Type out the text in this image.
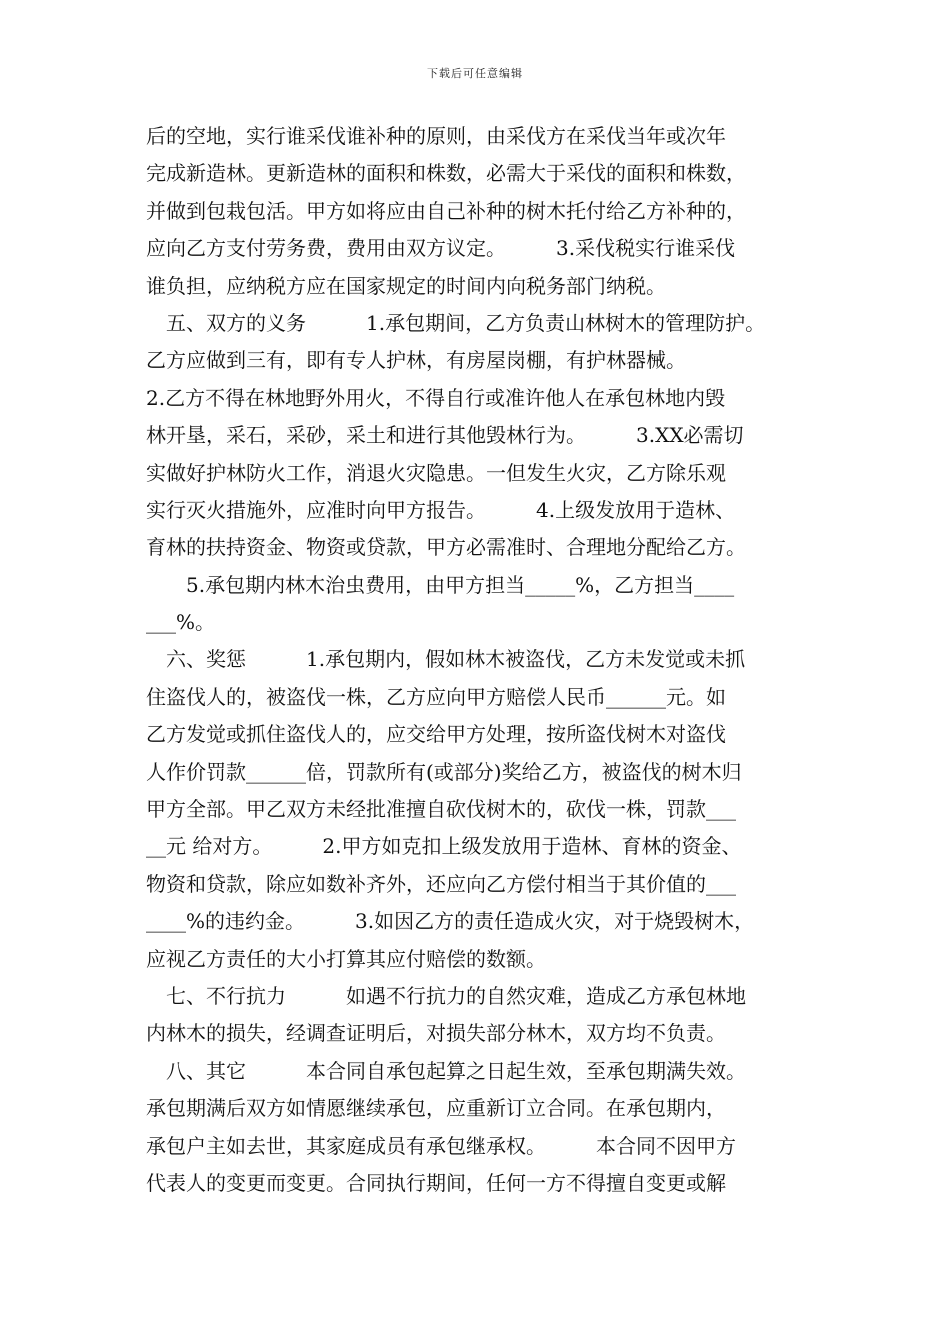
下载后可任意编辑
后的空地，实行谁采伐谁补种的原则，由采伐方在采伐当年或次年
完成新造林。更新造林的面积和株数，必需大于采伐的面积和株数，
并做到包栽包活。甲方如将应由自己补种的树木托付给乙方补种的，
应向乙方支付劳务费，费用由双方议定。　　　3.采伐税实行谁采伐
谁负担，应纳税方应在国家规定的时间内向税务部门纳税。
　五、双方的义务　　　1.承包期间，乙方负责山林树木的管理防护。
乙方应做到三有，即有专人护林，有房屋岗棚，有护林器械。
2.乙方不得在林地野外用火，不得自行或准许他人在承包林地内毁
林开垦，采石，采砂，采土和进行其他毁林行为。　　　3.XX必需切
实做好护林防火工作，消退火灾隐患。一但发生火灾，乙方除乐观
实行灭火措施外，应准时向甲方报告。　　　4.上级发放用于造林、
育林的扶持资金、物资或贷款，甲方必需准时、合理地分配给乙方。
　　5.承包期内林木治虫费用，由甲方担当_____%，乙方担当____
___%。
　六、奖惩　　　1.承包期内，假如林木被盗伐，乙方未发觉或未抓
住盗伐人的，被盗伐一株，乙方应向甲方赔偿人民币______元。如
乙方发觉或抓住盗伐人的，应交给甲方处理，按所盗伐树木对盗伐
人作价罚款______倍，罚款所有(或部分)奖给乙方，被盗伐的树木归
甲方全部。甲乙双方未经批准擅自砍伐树木的，砍伐一株，罚款___
__元 给对方。　　　2.甲方如克扣上级发放用于造林、育林的资金、
物资和贷款，除应如数补齐外，还应向乙方偿付相当于其价值的___
____%的违约金。　　　3.如因乙方的责任造成火灾，对于烧毁树木，
应视乙方责任的大小打算其应付赔偿的数额。
　七、不行抗力　　　如遇不行抗力的自然灾难，造成乙方承包林地
内林木的损失，经调查证明后，对损失部分林木，双方均不负责。
　八、其它　　　本合同自承包起算之日起生效，至承包期满失效。
承包期满后双方如情愿继续承包，应重新订立合同。在承包期内，
承包户主如去世，其家庭成员有承包继承权。　　　本合同不因甲方
代表人的变更而变更。合同执行期间，任何一方不得擅自变更或解
